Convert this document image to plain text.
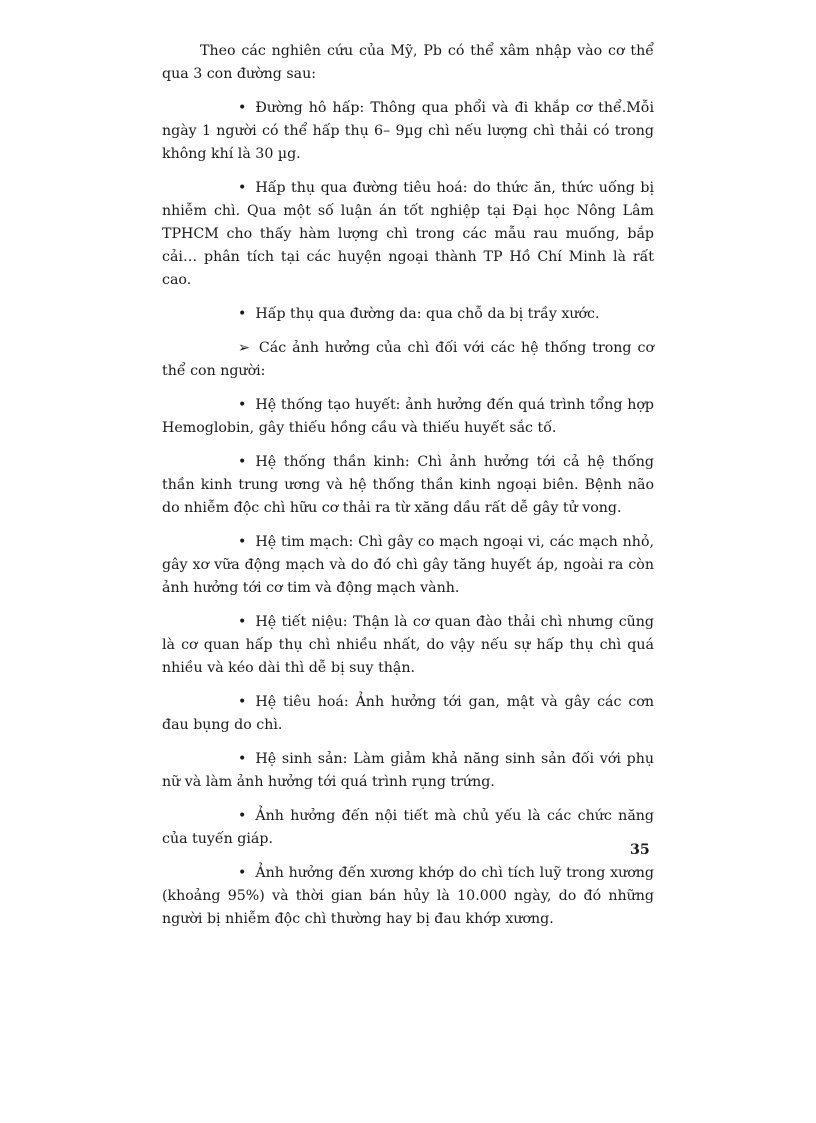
Theo các nghiên cứu của Mỹ, Pb có thể xâm nhập vào cơ thể qua 3 con đường sau:

• Đường hô hấp: Thông qua phổi và đi khắp cơ thể.Mỗi ngày 1 người có thể hấp thụ 6– 9µg chì nếu lượng chì thải có trong không khí là 30 µg.

• Hấp thụ qua đường tiêu hoá: do thức ăn, thức uống bị nhiễm chì. Qua một số luận án tốt nghiệp tại Đại học Nông Lâm TPHCM cho thấy hàm lượng chì trong các mẫu rau muống, bắp cải… phân tích tại các huyện ngoại thành TP Hồ Chí Minh là rất cao.

• Hấp thụ qua đường da: qua chỗ da bị trầy xước.

➢ Các ảnh hưởng của chì đối với các hệ thống trong cơ thể con người:

• Hệ thống tạo huyết: ảnh hưởng đến quá trình tổng hợp Hemoglobin, gây thiếu hồng cầu và thiếu huyết sắc tố.

• Hệ thống thần kinh: Chì ảnh hưởng tới cả hệ thống thần kinh trung ương và hệ thống thần kinh ngoại biên. Bệnh não do nhiễm độc chì hữu cơ thải ra từ xăng dầu rất dễ gây tử vong.

• Hệ tim mạch: Chì gây co mạch ngoại vi, các mạch nhỏ, gây xơ vữa động mạch và do đó chì gây tăng huyết áp, ngoài ra còn ảnh hưởng tới cơ tim và động mạch vành.

• Hệ tiết niệu: Thận là cơ quan đào thải chì nhưng cũng là cơ quan hấp thụ chì nhiều nhất, do vậy nếu sự hấp thụ chì quá nhiều và kéo dài thì dễ bị suy thận.

• Hệ tiêu hoá: Ảnh hưởng tới gan, mật và gây các cơn đau bụng do chì.

• Hệ sinh sản: Làm giảm khả năng sinh sản đối với phụ nữ và làm ảnh hưởng tới quá trình rụng trứng.

• Ảnh hưởng đến nội tiết mà chủ yếu là các chức năng của tuyến giáp.

• Ảnh hưởng đến xương khớp do chì tích luỹ trong xương (khoảng 95%) và thời gian bán hủy là 10.000 ngày, do đó những người bị nhiễm độc chì thường hay bị đau khớp xương.

35
